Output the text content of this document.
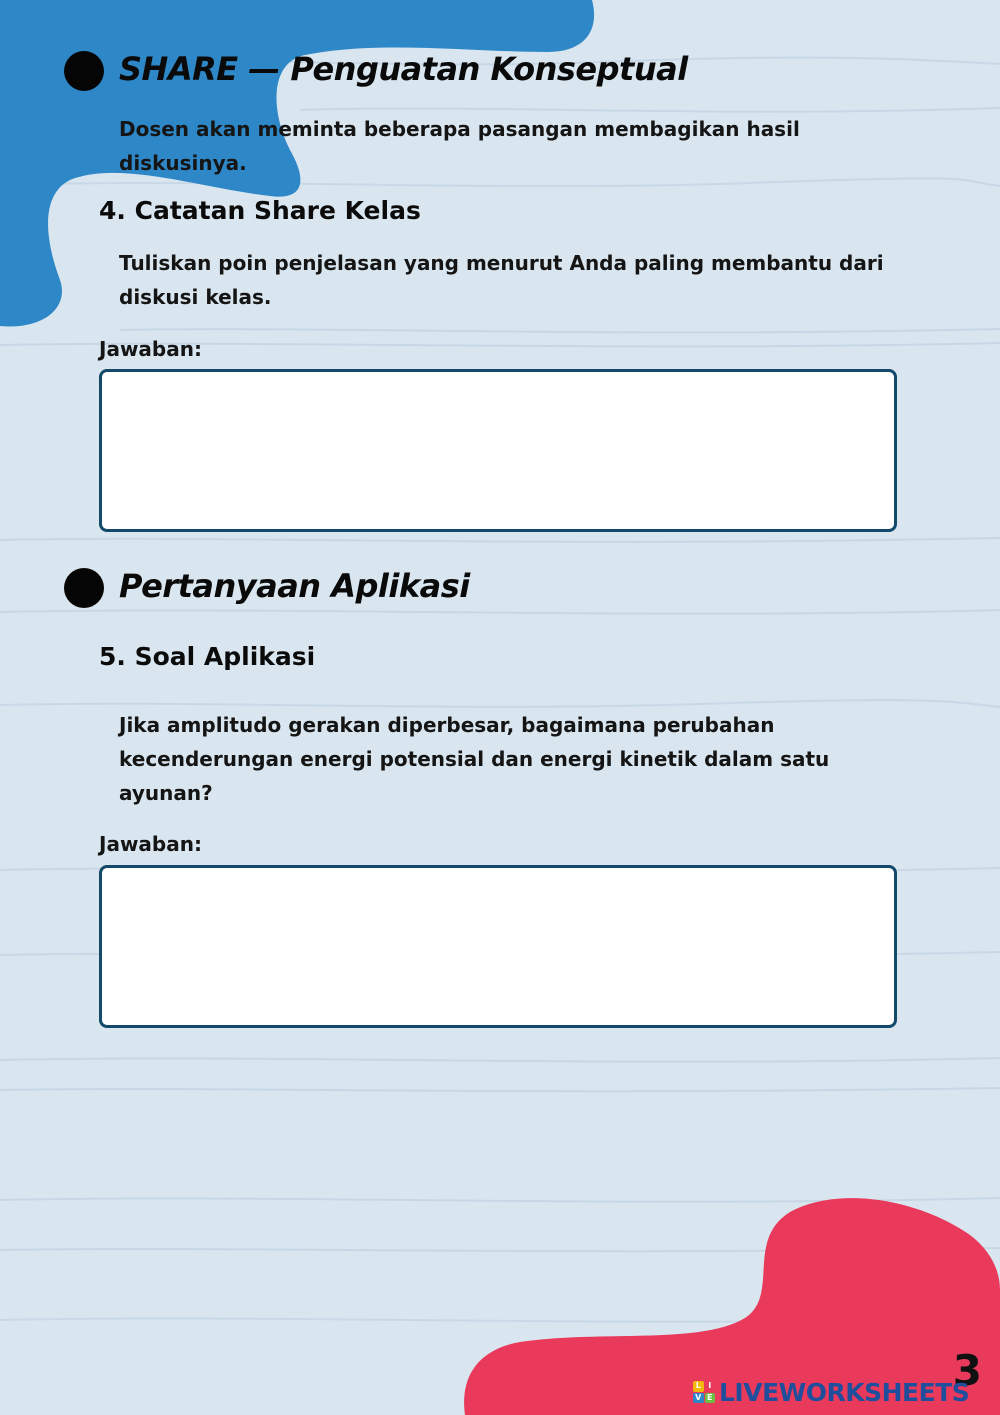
SHARE — Penguatan Konseptual
Dosen akan meminta beberapa pasangan membagikan hasil
diskusinya.
4. Catatan Share Kelas
Tuliskan poin penjelasan yang menurut Anda paling membantu dari
diskusi kelas.
Jawaban:
Pertanyaan Aplikasi
5. Soal Aplikasi
Jika amplitudo gerakan diperbesar, bagaimana perubahan
kecenderungan energi potensial dan energi kinetik dalam satu
ayunan?
Jawaban:
3
L I
V E LIVEWORKSHEETS
